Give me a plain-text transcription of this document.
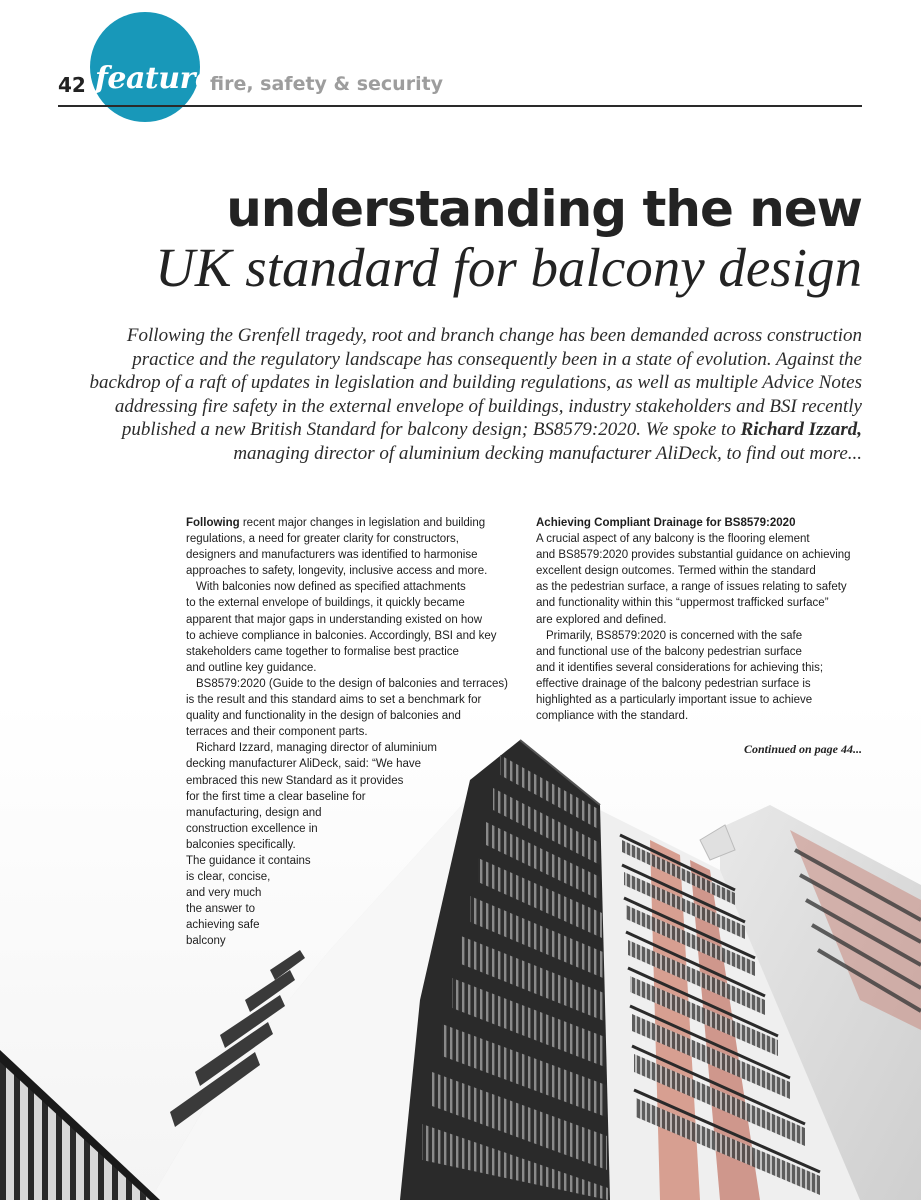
42 feature
fire, safety & security
understanding the new
UK standard for balcony design
Following the Grenfell tragedy, root and branch change has been demanded across construction
practice and the regulatory landscape has consequently been in a state of evolution. Against the
backdrop of a raft of updates in legislation and building regulations, as well as multiple Advice Notes
addressing fire safety in the external envelope of buildings, industry stakeholders and BSI recently
published a new British Standard for balcony design; BS8579:2020. We spoke to Richard Izzard,
managing director of aluminium decking manufacturer AliDeck, to find out more...
Following recent major changes in legislation and building
regulations, a need for greater clarity for constructors,
designers and manufacturers was identified to harmonise
approaches to safety, longevity, inclusive access and more.
With balconies now defined as specified attachments
to the external envelope of buildings, it quickly became
apparent that major gaps in understanding existed on how
to achieve compliance in balconies. Accordingly, BSI and key
stakeholders came together to formalise best practice
and outline key guidance.
BS8579:2020 (Guide to the design of balconies and terraces)
is the result and this standard aims to set a benchmark for
quality and functionality in the design of balconies and
terraces and their component parts.
Richard Izzard, managing director of aluminium
decking manufacturer AliDeck, said: “We have
embraced this new Standard as it provides
for the first time a clear baseline for
manufacturing, design and
construction excellence in
balconies specifically.
The guidance it contains
is clear, concise,
and very much
the answer to
achieving safe
balcony
Achieving Compliant Drainage for BS8579:2020
A crucial aspect of any balcony is the flooring element
and BS8579:2020 provides substantial guidance on achieving
excellent design outcomes. Termed within the standard
as the pedestrian surface, a range of issues relating to safety
and functionality within this “uppermost trafficked surface”
are explored and defined.
Primarily, BS8579:2020 is concerned with the safe
and functional use of the balcony pedestrian surface
and it identifies several considerations for achieving this;
effective drainage of the balcony pedestrian surface is
highlighted as a particularly important issue to achieve
compliance with the standard.
Continued on page 44...
